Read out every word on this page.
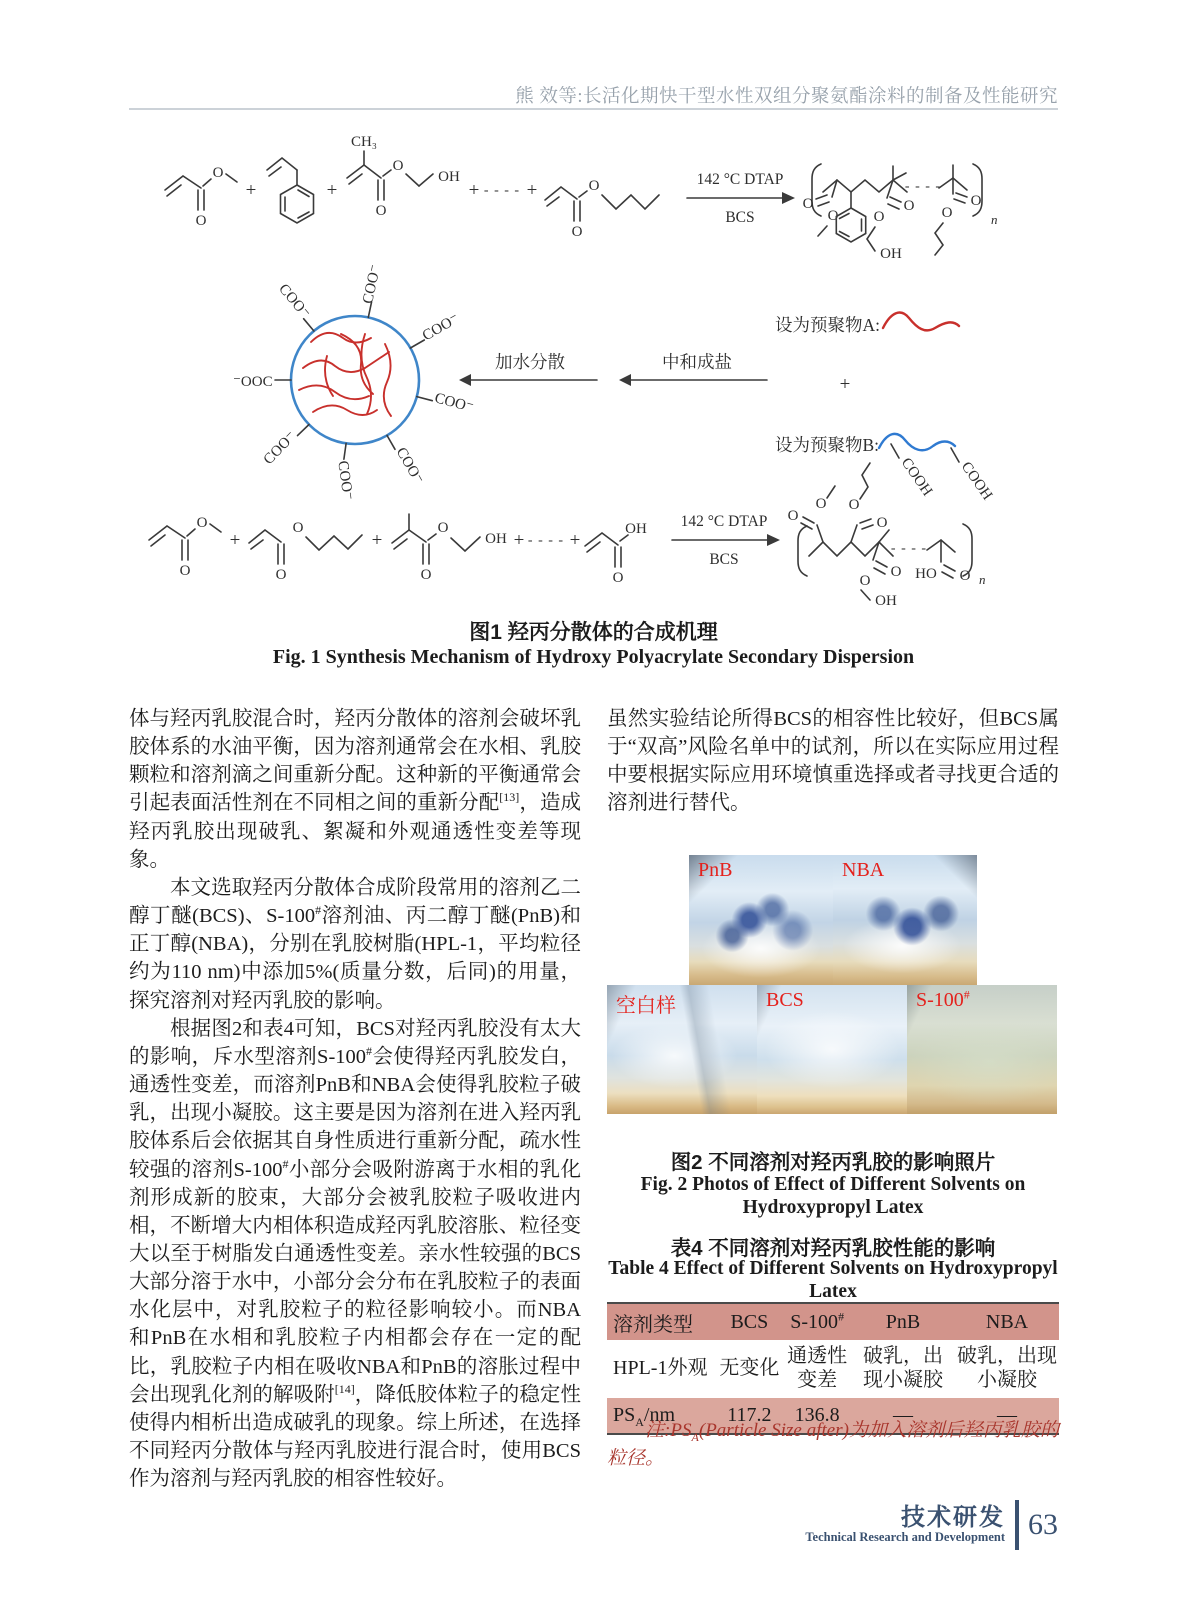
熊 效等:长活化期快干型水性双组分聚氨酯涂料的制备及性能研究
O
O
+	+
CH₃
O
O
OH
+ - - - - +
O
O	142 °C DTAP
BCS
- - - -
n
O
O
O
O
OH
O
O
COO⁻
COO⁻
⁻OOC
COO⁻
COO⁻ COO⁻
COO⁻
COO⁻
加水分散	中和成盐
设为预聚物A:
+
设为预聚物B:
COOH COOH
O
O
+
O
O
+
O
O
OH + - - - - +
OH
O
142 °C DTAP
BCS
- - - -
n
O
O
O
O
O
O
OH
HO O
图1 羟丙分散体的合成机理
Fig. 1 Synthesis Mechanism of Hydroxy Polyacrylate Secondary Dispersion

体与羟丙乳胶混合时，羟丙分散体的溶剂会破坏乳胶体系的水油平衡，因为溶剂通常会在水相、乳胶颗粒和溶剂滴之间重新分配。这种新的平衡通常会引起表面活性剂在不同相之间的重新分配[13]，造成羟丙乳胶出现破乳、絮凝和外观通透性变差等现象。

本文选取羟丙分散体合成阶段常用的溶剂乙二醇丁醚(BCS)、S-100#溶剂油、丙二醇丁醚(PnB)和正丁醇(NBA)，分别在乳胶树脂(HPL-1，平均粒径约为110 nm)中添加5%(质量分数，后同)的用量，探究溶剂对羟丙乳胶的影响。

根据图2和表4可知，BCS对羟丙乳胶没有太大的影响，斥水型溶剂S-100#会使得羟丙乳胶发白，通透性变差，而溶剂PnB和NBA会使得乳胶粒子破乳，出现小凝胶。这主要是因为溶剂在进入羟丙乳胶体系后会依据其自身性质进行重新分配，疏水性较强的溶剂S-100#小部分会吸附游离于水相的乳化剂形成新的胶束，大部分会被乳胶粒子吸收进内相，不断增大内相体积造成羟丙乳胶溶胀、粒径变大以至于树脂发白通透性变差。亲水性较强的BCS大部分溶于水中，小部分会分布在乳胶粒子的表面水化层中，对乳胶粒子的粒径影响较小。而NBA和PnB在水相和乳胶粒子内相都会存在一定的配比，乳胶粒子内相在吸收NBA和PnB的溶胀过程中会出现乳化剂的解吸附[14]，降低胶体粒子的稳定性使得内相析出造成破乳的现象。综上所述，在选择不同羟丙分散体与羟丙乳胶进行混合时，使用BCS作为溶剂与羟丙乳胶的相容性较好。

虽然实验结论所得BCS的相容性比较好，但BCS属于“双高”风险名单中的试剂，所以在实际应用过程中要根据实际应用环境慎重选择或者寻找更合适的溶剂进行替代。

PnB	NBA
空白样	BCS	S-100#
图2 不同溶剂对羟丙乳胶的影响照片
Fig. 2 Photos of Effect of Different Solvents on
Hydroxypropyl Latex
表4 不同溶剂对羟丙乳胶性能的影响
Table 4 Effect of Different Solvents on Hydroxypropyl
Latex
溶剂类型	BCS	S-100#	PnB	NBA
HPL-1外观	无变化	通透性变差	破乳，出现小凝胶	破乳，出现小凝胶
$PS_A/nm$	117.2	136.8	—	—
注$:PS_A(Particle$ Size after)为加入溶剂后羟丙乳胶的粒径。
技术研发
Technical Research and Development 63
